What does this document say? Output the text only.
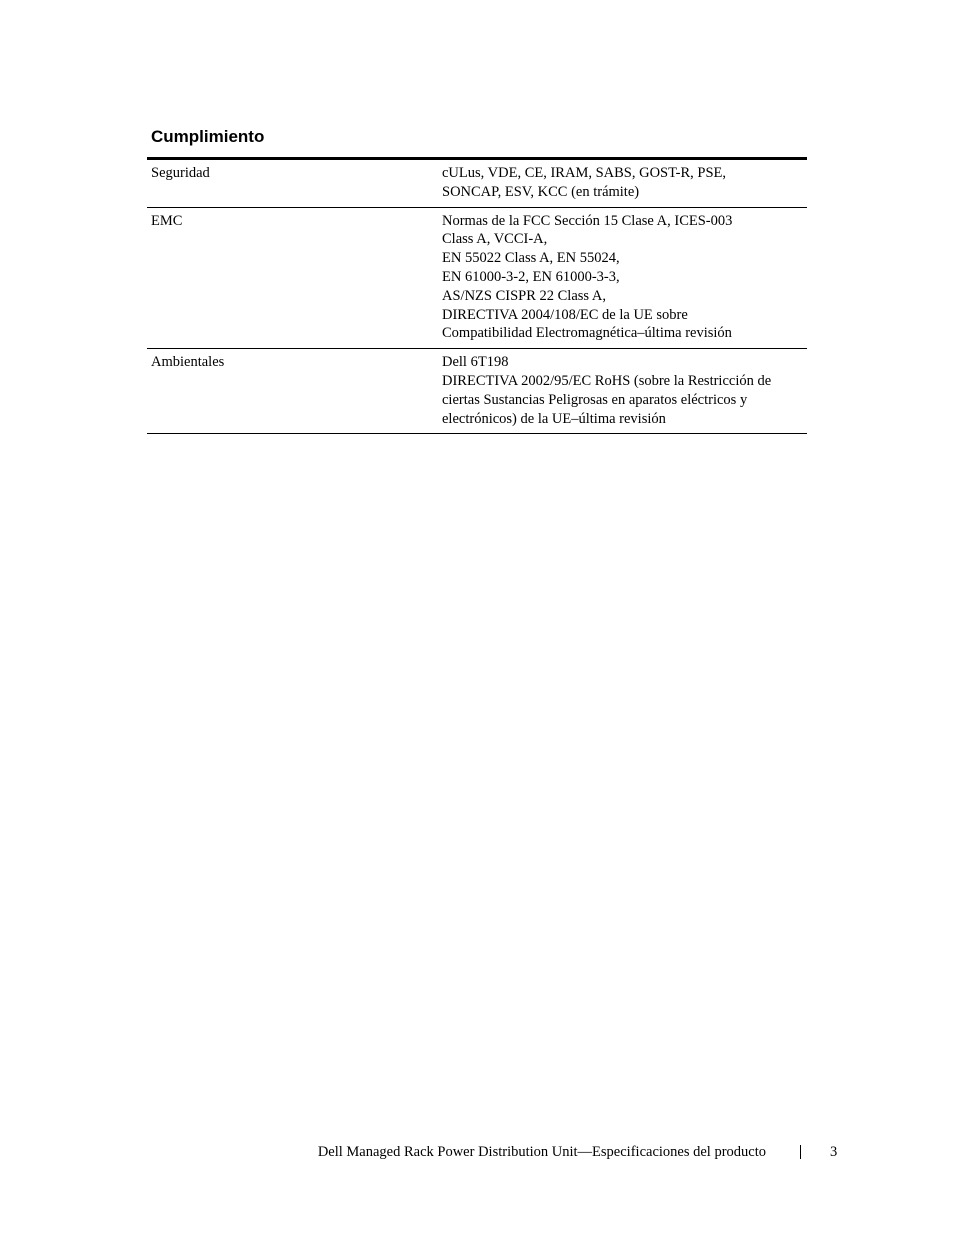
Cumplimiento
Seguridad	cULus, VDE, CE, IRAM, SABS, GOST-R, PSE,
SONCAP, ESV, KCC (en trámite)
EMC	Normas de la FCC Sección 15 Clase A, ICES-003
Class A, VCCI-A,
EN 55022 Class A, EN 55024,
EN 61000-3-2, EN 61000-3-3,
AS/NZS CISPR 22 Class A,
DIRECTIVA 2004/108/EC de la UE sobre
Compatibilidad Electromagnética–última revisión
Ambientales	Dell 6T198
DIRECTIVA 2002/95/EC RoHS (sobre la Restricción de
ciertas Sustancias Peligrosas en aparatos eléctricos y
electrónicos) de la UE–última revisión
Dell Managed Rack Power Distribution Unit—Especificaciones del producto	3
